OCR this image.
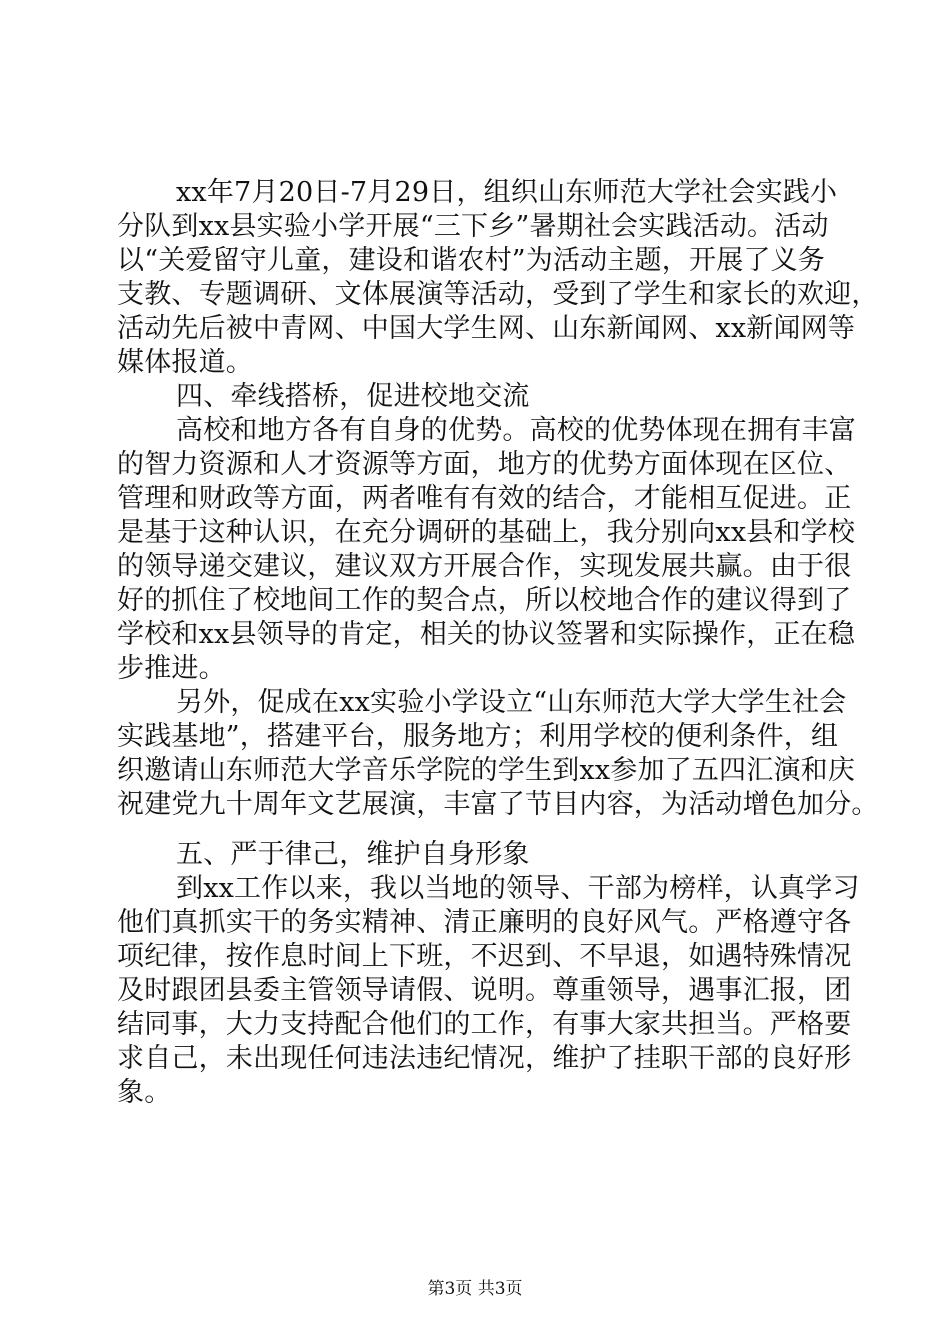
xx年7月20日-7月29日，组织山东师范大学社会实践小
分队到xx县实验小学开展“三下乡”暑期社会实践活动。活动
以“关爱留守儿童，建设和谐农村”为活动主题，开展了义务
支教、专题调研、文体展演等活动，受到了学生和家长的欢迎，
活动先后被中青网、中国大学生网、山东新闻网、xx新闻网等
媒体报道。
四、牵线搭桥，促进校地交流
高校和地方各有自身的优势。高校的优势体现在拥有丰富
的智力资源和人才资源等方面，地方的优势方面体现在区位、
管理和财政等方面，两者唯有有效的结合，才能相互促进。正
是基于这种认识，在充分调研的基础上，我分别向xx县和学校
的领导递交建议，建议双方开展合作，实现发展共赢。由于很
好的抓住了校地间工作的契合点，所以校地合作的建议得到了
学校和xx县领导的肯定，相关的协议签署和实际操作，正在稳
步推进。
另外，促成在xx实验小学设立“山东师范大学大学生社会
实践基地”，搭建平台，服务地方；利用学校的便利条件，组
织邀请山东师范大学音乐学院的学生到xx参加了五四汇演和庆
祝建党九十周年文艺展演，丰富了节目内容，为活动增色加分。
五、严于律己，维护自身形象
到xx工作以来，我以当地的领导、干部为榜样，认真学习
他们真抓实干的务实精神、清正廉明的良好风气。严格遵守各
项纪律，按作息时间上下班，不迟到、不早退，如遇特殊情况
及时跟团县委主管领导请假、说明。尊重领导，遇事汇报，团
结同事，大力支持配合他们的工作，有事大家共担当。严格要
求自己，未出现任何违法违纪情况，维护了挂职干部的良好形
象。
第3页 共3页
